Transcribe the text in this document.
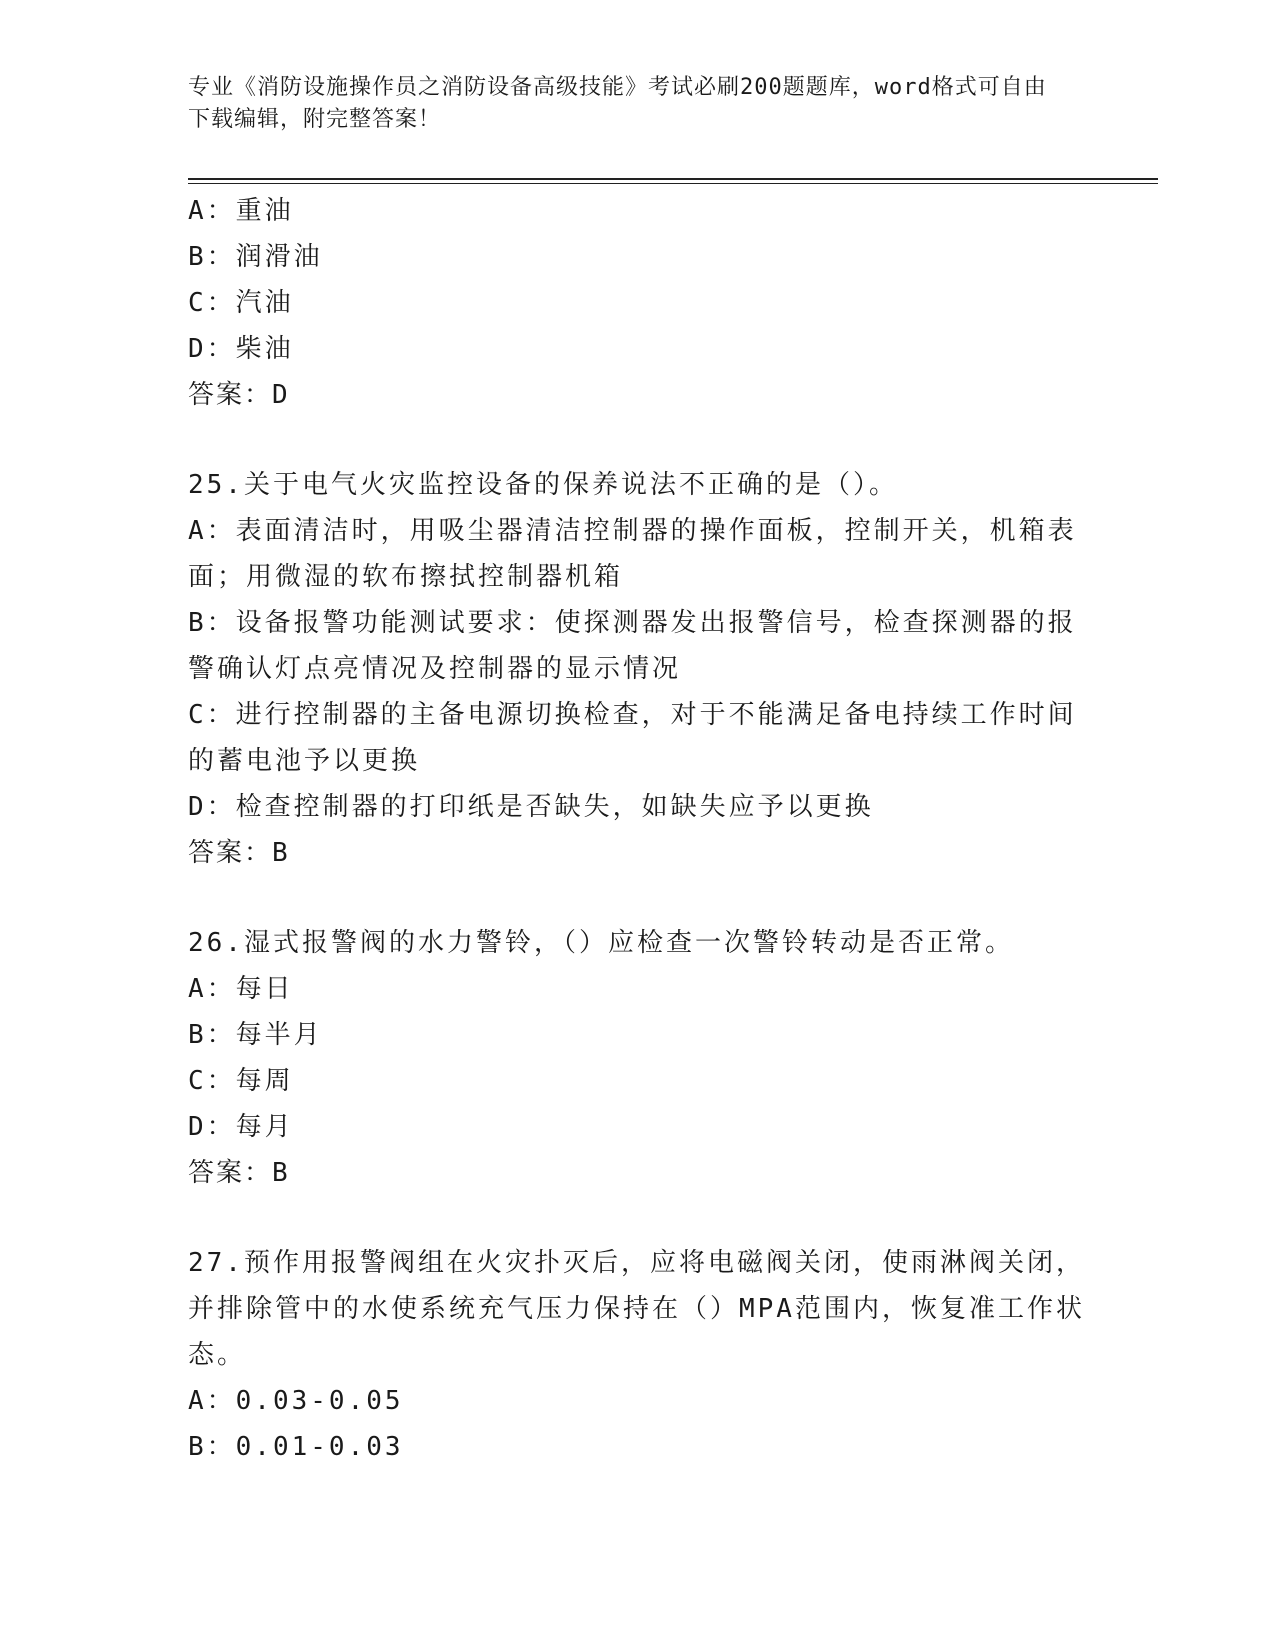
专业《消防设施操作员之消防设备高级技能》考试必刷200题题库，word格式可自由下载编辑，附完整答案！
A：重油
B：润滑油
C：汽油
D：柴油
答案：D
25.关于电气火灾监控设备的保养说法不正确的是（）。
A：表面清洁时，用吸尘器清洁控制器的操作面板，控制开关，机箱表面；用微湿的软布擦拭控制器机箱
B：设备报警功能测试要求：使探测器发出报警信号，检查探测器的报警确认灯点亮情况及控制器的显示情况
C：进行控制器的主备电源切换检查，对于不能满足备电持续工作时间的蓄电池予以更换
D：检查控制器的打印纸是否缺失，如缺失应予以更换
答案：B
26.湿式报警阀的水力警铃，（）应检查一次警铃转动是否正常。
A：每日
B：每半月
C：每周
D：每月
答案：B
27.预作用报警阀组在火灾扑灭后，应将电磁阀关闭，使雨淋阀关闭，并排除管中的水使系统充气压力保持在（）MPA范围内，恢复准工作状态。
A：0.03-0.05
B：0.01-0.03
